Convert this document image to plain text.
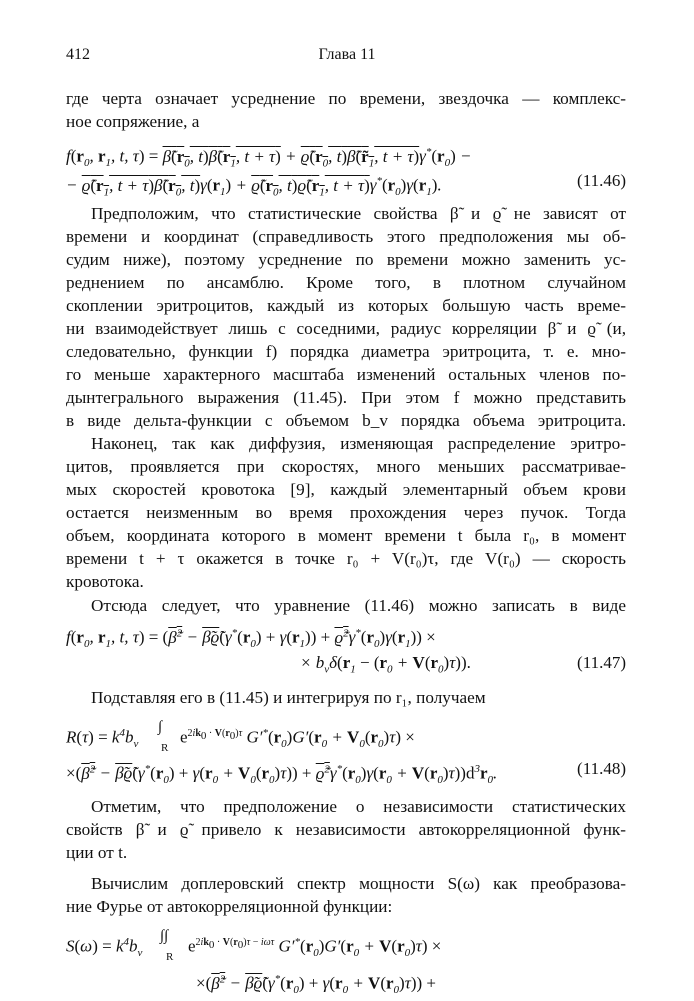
412	Глава 11
где черта означает усреднение по времени, звездочка — комплекс-
ное сопряжение, а
$f(r_0$, $r_1$, t, $\tau) = \betã(r_0$, $t)\betã(r_1$, $t + \tau) + ϱ̃(r_0$, $t)\betã(r̃_1$, $t + \tau)\gamma^*(r_0)$ −
− $ϱ̃(r_1$, $t + \tau)\betã(r_0$, $t)\gamma(r_1)$ + $ϱ̃(r_0$, $t)ϱ̃(r_1$, $t + \tau)\gamma^*(r_0)\gamma(r_1)$.	(11.46)
Предположим, что статистические свойства β̃ и ϱ̃ не зависят от
времени и координат (справедливость этого предположения мы об-
судим ниже), поэтому усреднение по времени можно заменить ус-
реднением по ансамблю. Кроме того, в плотном случайном
скоплении эритроцитов, каждый из которых большую часть време-
ни взаимодействует лишь с соседними, радиус корреляции β̃ и ϱ̃ (и,
следовательно, функции f) порядка диаметра эритроцита, т. е. мно-
го меньше характерного масштаба изменений остальных членов по-
дынтегрального выражения (11.45). При этом f можно представить
в виде дельта-функции с объемом b_v порядка объема эритроцита.
Наконец, так как диффузия, изменяющая распределение эритро-
цитов, проявляется при скоростях, много меньших рассматривае-
мых скоростей кровотока [9], каждый элементарный объем крови
остается неизменным во время прохождения через пучок. Тогда
объем, координата которого в момент времени t была r₀, в момент
времени t + τ окажется в точке r₀ + V(r₀)τ, где V(r₀) — скорость
кровотока.
Отсюда следует, что уравнение (11.46) можно записать в виде
$f(r_0$, $r_1$, t, τ) = (β̃$^2$ − $\betãϱ̃(\gamma^*(r_0) + \gamma(r_1))$ + $ϱ̃^2\gamma^*(r_0)\gamma(r_1)$) ×
× $b_v\delta(r_1 - (r_0 + V(r_0)\tau))$.	(11.47)
Подставляя его в (11.45) и интегрируя по r₁, получаем
$R(\tau) = k^4b_v$
∫
R
$e^{2ik_0 \cdot V(r_0)\tau}$ $G'^*(r_0)G'(r_0 + V_0(r_0)\tau)$ ×
×(β̃$^2$ − $\betãϱ̃(\gamma^*(r_0) + \gamma(r_0 + V_0(r_0)\tau))$ + $ϱ̃^2\gamma^*(r_0)\gamma(r_0 + V(r_0)\tau))d^3r_0$.	(11.48)
Отметим, что предположение о независимости статистических
свойств β̃ и ϱ̃ привело к независимости автокорреляционной функ-
ции от t.
Вычислим доплеровский спектр мощности S(ω) как преобразова-
ние Фурье от автокорреляционной функции:
$S(\omega) = k^4b_v$
∫∫
R
$e^{2ik_0 \cdot V(r_0)\tau - i\omega\tau}$ $G'^*(r_0)G'(r_0 + V(r_0)\tau)$ ×
×(β̃$^2$ − $\betãϱ̃(\gamma^*(r_0) + \gamma(r_0 + V(r_0)\tau))$ +
